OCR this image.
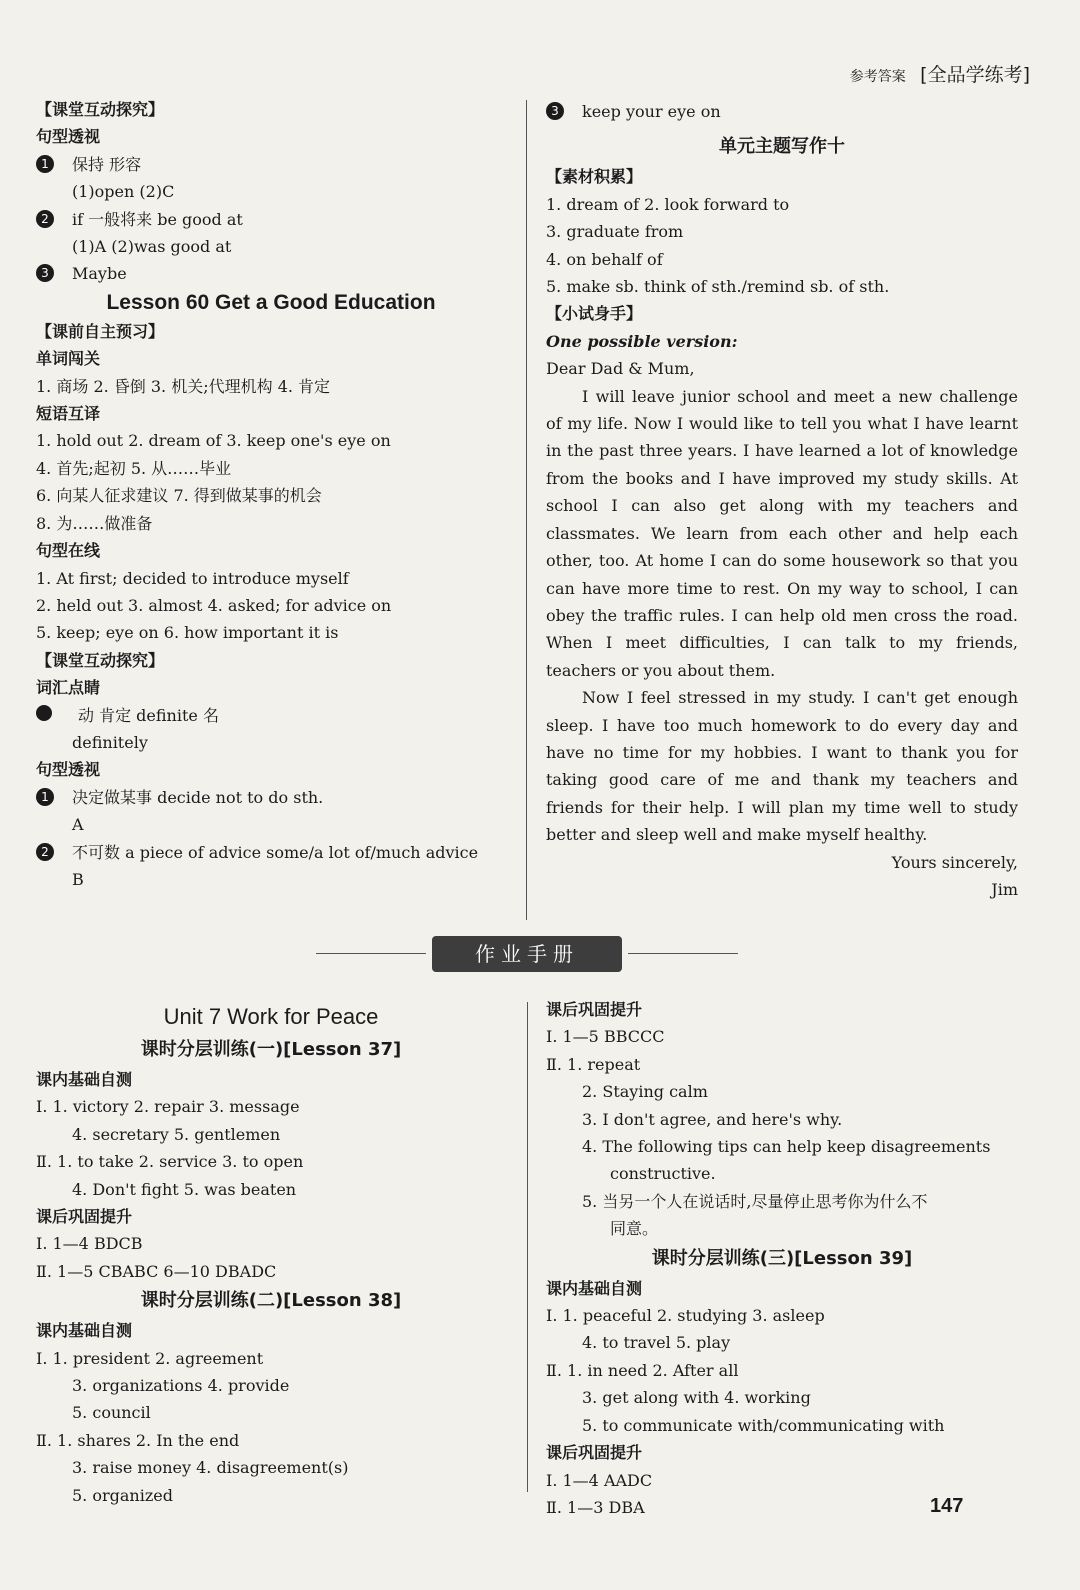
参考答案 [全品学练考]
【课堂互动探究】
句型透视
1 保持 形容
(1)open (2)C
2 if 一般将来 be good at
(1)A (2)was good at
3 Maybe
Lesson 60 Get a Good Education
【课前自主预习】
单词闯关
1. 商场 2. 昏倒 3. 机关;代理机构 4. 肯定
短语互译
1. hold out 2. dream of 3. keep one's eye on
4. 首先;起初 5. 从……毕业
6. 向某人征求建议 7. 得到做某事的机会
8. 为……做准备
句型在线
1. At first; decided to introduce myself
2. held out 3. almost 4. asked; for advice on
5. keep; eye on 6. how important it is
【课堂互动探究】
词汇点睛
动 肯定 definite 名
definitely
句型透视
1 决定做某事 decide not to do sth.
A
2 不可数 a piece of advice some/a lot of/much advice
B
3 keep your eye on
单元主题写作十
【素材积累】
1. dream of 2. look forward to
3. graduate from
4. on behalf of
5. make sb. think of sth./remind sb. of sth.
【小试身手】
One possible version:
Dear Dad & Mum,
I will leave junior school and meet a new challenge of my life. Now I would like to tell you what I have learnt in the past three years. I have learned a lot of knowledge from the books and I have improved my study skills. At school I can also get along with my teachers and classmates. We learn from each other and help each other, too. At home I can do some housework so that you can have more time to rest. On my way to school, I can obey the traffic rules. I can help old men cross the road. When I meet difficulties, I can talk to my friends, teachers or you about them.
Now I feel stressed in my study. I can't get enough sleep. I have too much homework to do every day and have no time for my hobbies. I want to thank you for taking good care of me and thank my teachers and friends for their help. I will plan my time well to study better and sleep well and make myself healthy.
Yours sincerely,
Jim
作业手册
Unit 7 Work for Peace
课时分层训练(一)[Lesson 37]
课内基础自测
Ⅰ. 1. victory 2. repair 3. message
4. secretary 5. gentlemen
Ⅱ. 1. to take 2. service 3. to open
4. Don't fight 5. was beaten
课后巩固提升
Ⅰ. 1—4 BDCB
Ⅱ. 1—5 CBABC 6—10 DBADC
课时分层训练(二)[Lesson 38]
课内基础自测
Ⅰ. 1. president 2. agreement
3. organizations 4. provide
5. council
Ⅱ. 1. shares 2. In the end
3. raise money 4. disagreement(s)
5. organized
课后巩固提升
Ⅰ. 1—5 BBCCC
Ⅱ. 1. repeat
2. Staying calm
3. I don't agree, and here's why.
4. The following tips can help keep disagreements
constructive.
5. 当另一个人在说话时,尽量停止思考你为什么不
同意。
课时分层训练(三)[Lesson 39]
课内基础自测
Ⅰ. 1. peaceful 2. studying 3. asleep
4. to travel 5. play
Ⅱ. 1. in need 2. After all
3. get along with 4. working
5. to communicate with/communicating with
课后巩固提升
Ⅰ. 1—4 AADC
Ⅱ. 1—3 DBA	147
